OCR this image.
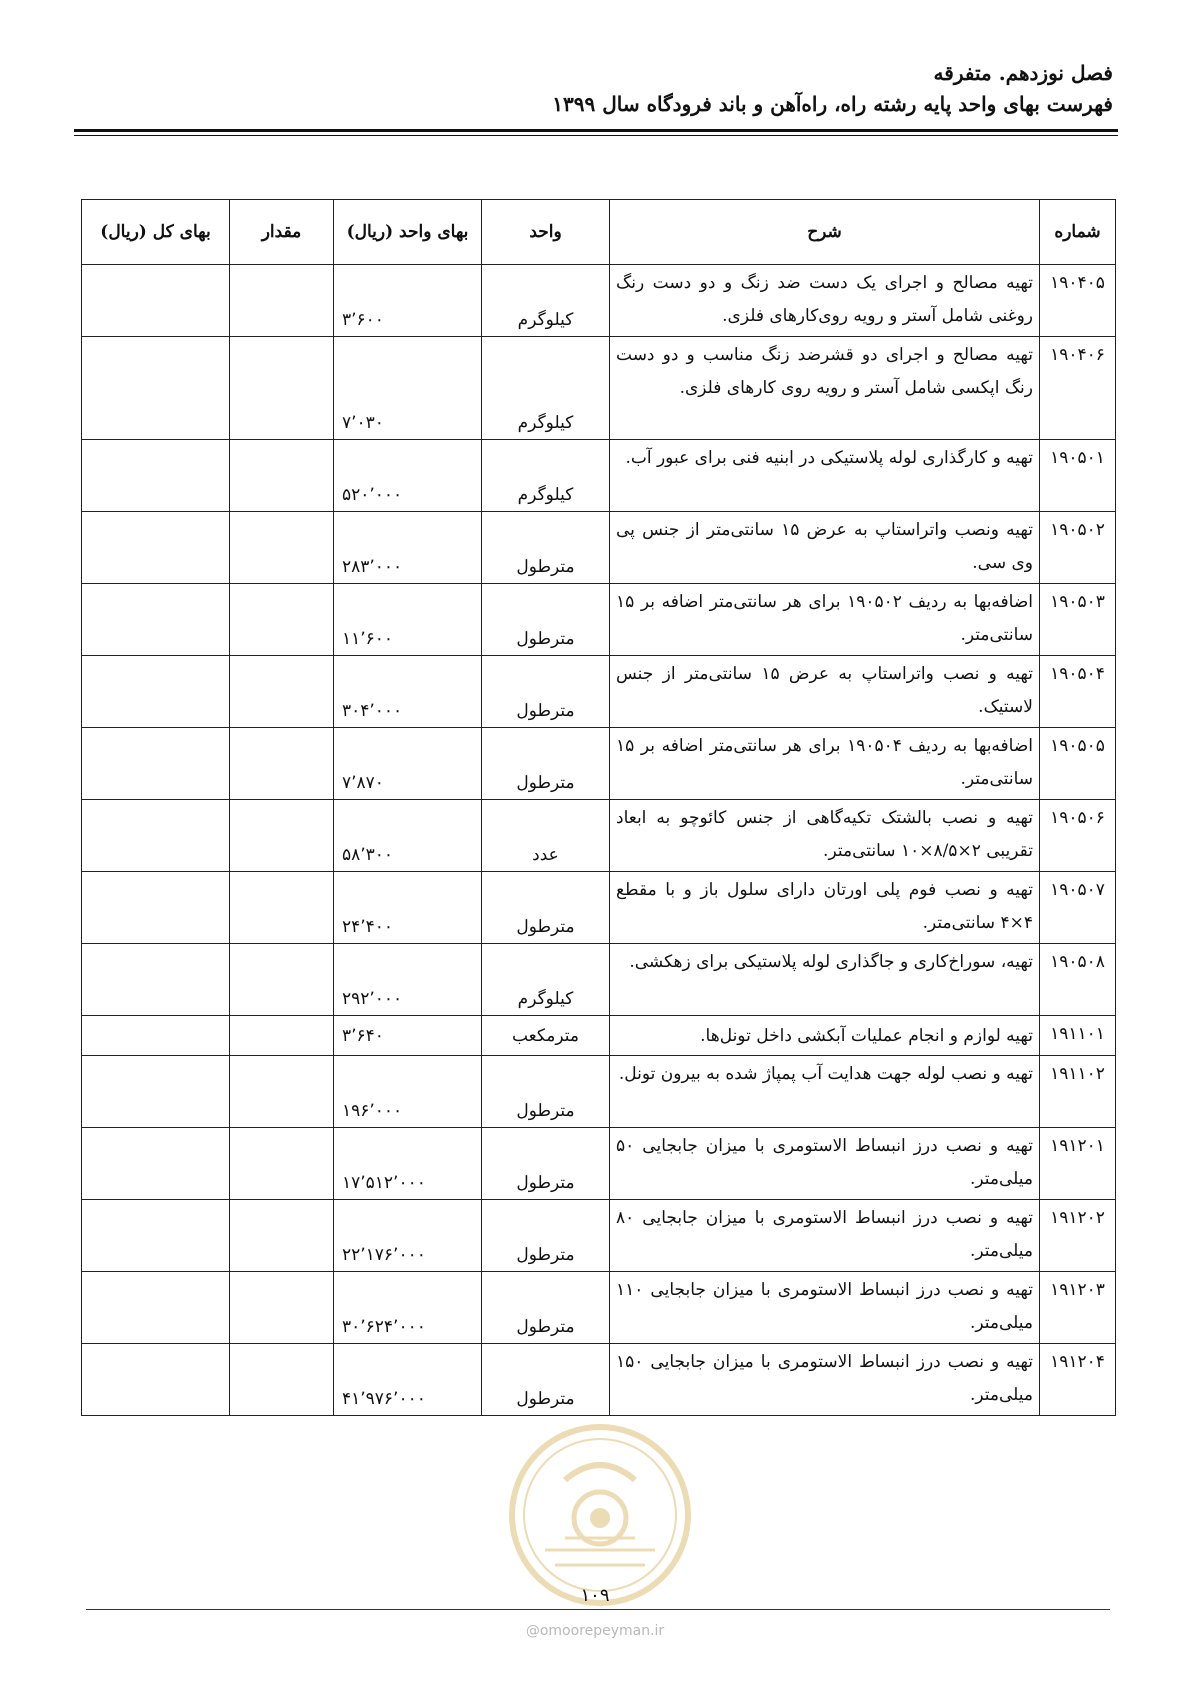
فصل نوزدهم. متفرقه
فهرست بهای واحد پایه رشته راه، راه‌آهن و باند فرودگاه سال ۱۳۹۹
شماره	شرح	واحد	بهای واحد (ریال)	مقدار	بهای کل (ریال)
۱۹۰۴۰۵	تهیه مصالح و اجرای یک دست ضد زنگ و دو دست رنگ روغنی شامل آستر و رویه روی‌کارهای فلزی.	کیلوگرم	۳٬۶۰۰		
۱۹۰۴۰۶	تهیه مصالح و اجرای دو قشرضد زنگ مناسب و دو دست رنگ اپکسی شامل آستر و رویه روی کارهای فلزی.	کیلوگرم	۷٬۰۳۰		
۱۹۰۵۰۱	تهیه و کارگذاری لوله پلاستیکی در ابنیه فنی برای عبور آب.	کیلوگرم	۵۲۰٬۰۰۰		
۱۹۰۵۰۲	تهیه ونصب واتراستاپ به عرض ۱۵ سانتی‌متر از جنس پی وی سی.	مترطول	۲۸۳٬۰۰۰		
۱۹۰۵۰۳	اضافه‌بها به ردیف ۱۹۰۵۰۲ برای هر سانتی‌متر اضافه بر ۱۵ سانتی‌متر.	مترطول	۱۱٬۶۰۰		
۱۹۰۵۰۴	تهیه و نصب واتراستاپ به عرض ۱۵ سانتی‌متر از جنس لاستیک.	مترطول	۳۰۴٬۰۰۰		
۱۹۰۵۰۵	اضافه‌بها به ردیف ۱۹۰۵۰۴ برای هر سانتی‌متر اضافه بر ۱۵ سانتی‌متر.	مترطول	۷٬۸۷۰		
۱۹۰۵۰۶	تهیه و نصب بالشتک تکیه‌گاهی از جنس کائوچو به ابعاد تقریبی ۲×۸/۵×۱۰ سانتی‌متر.	عدد	۵۸٬۳۰۰		
۱۹۰۵۰۷	تهیه و نصب فوم پلی اورتان دارای سلول باز و با مقطع ۴×۴ سانتی‌متر.	مترطول	۲۴٬۴۰۰		
۱۹۰۵۰۸	تهیه، سوراخ‌کاری و جاگذاری لوله پلاستیکی برای زهکشی.	کیلوگرم	۲۹۲٬۰۰۰		
۱۹۱۱۰۱	تهیه لوازم و انجام عملیات آبکشی داخل تونل‌ها.	مترمکعب	۳٬۶۴۰		
۱۹۱۱۰۲	تهیه و نصب لوله جهت هدایت آب پمپاژ شده به بیرون تونل.	مترطول	۱۹۶٬۰۰۰		
۱۹۱۲۰۱	تهیه و نصب درز انبساط الاستومری با میزان جابجایی ۵۰ میلی‌متر.	مترطول	۱۷٬۵۱۲٬۰۰۰		
۱۹۱۲۰۲	تهیه و نصب درز انبساط الاستومری با میزان جابجایی ۸۰ میلی‌متر.	مترطول	۲۲٬۱۷۶٬۰۰۰		
۱۹۱۲۰۳	تهیه و نصب درز انبساط الاستومری با میزان جابجایی ۱۱۰ میلی‌متر.	مترطول	۳۰٬۶۲۴٬۰۰۰		
۱۹۱۲۰۴	تهیه و نصب درز انبساط الاستومری با میزان جابجایی ۱۵۰ میلی‌متر.	مترطول	۴۱٬۹۷۶٬۰۰۰		
۱۰۹
@omoorepeyman.ir
